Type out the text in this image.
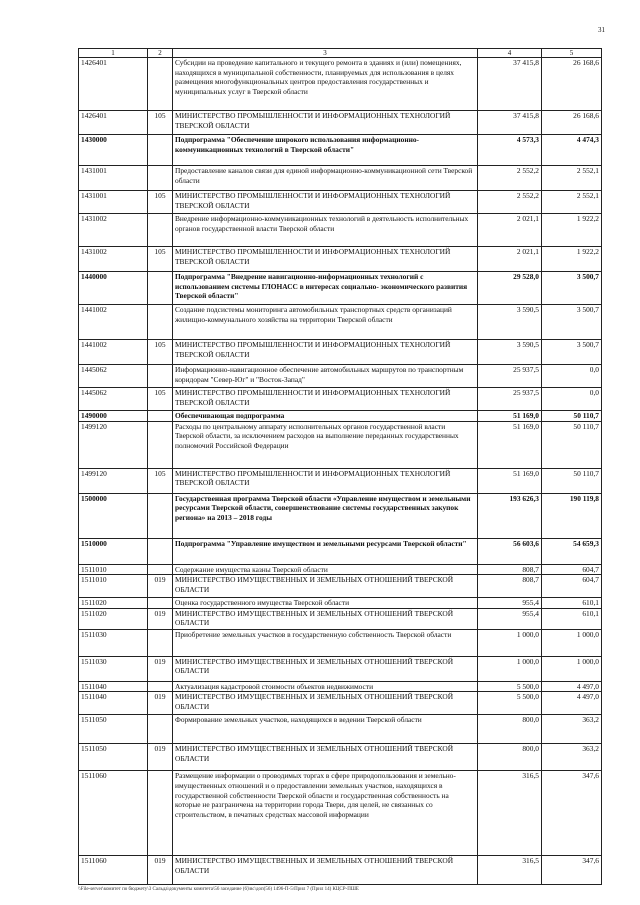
31
1	2	3	4	5
1426401		Субсидии на проведение капитального и текущего ремонта в зданиях и (или) помещениях, находящихся в муниципальной собственности, планируемых для использования в целях размещения многофункциональных центров предоставления государственных и муниципальных услуг в Тверской области	37 415,8	26 168,6
1426401	105	МИНИСТЕРСТВО ПРОМЫШЛЕННОСТИ И ИНФОРМАЦИОННЫХ ТЕХНОЛОГИЙ ТВЕРСКОЙ ОБЛАСТИ	37 415,8	26 168,6
1430000		Подпрограмма "Обеспечение широкого использования информационно-коммуникационных технологий в Тверской области"	4 573,3	4 474,3
1431001		Предоставление каналов связи для единой информационно-коммуникационной сети Тверской области	2 552,2	2 552,1
1431001	105	МИНИСТЕРСТВО ПРОМЫШЛЕННОСТИ И ИНФОРМАЦИОННЫХ ТЕХНОЛОГИЙ ТВЕРСКОЙ ОБЛАСТИ	2 552,2	2 552,1
1431002		Внедрение информационно-коммуникационных технологий в деятельность исполнительных органов государственной власти Тверской области	2 021,1	1 922,2
1431002	105	МИНИСТЕРСТВО ПРОМЫШЛЕННОСТИ И ИНФОРМАЦИОННЫХ ТЕХНОЛОГИЙ ТВЕРСКОЙ ОБЛАСТИ	2 021,1	1 922,2
1440000		Подпрограмма "Внедрение навигационно-информационных технологий с использованием системы ГЛОНАСС в интересах социально- экономического развития Тверской области"	29 528,0	3 500,7
1441002		Создание подсистемы мониторинга автомобильных транспортных средств организаций жилищно-коммунального хозяйства на территории Тверской области	3 590,5	3 500,7
1441002	105	МИНИСТЕРСТВО ПРОМЫШЛЕННОСТИ И ИНФОРМАЦИОННЫХ ТЕХНОЛОГИЙ ТВЕРСКОЙ ОБЛАСТИ	3 590,5	3 500,7
1445062		Информационно-навигационное обеспечение автомобильных маршрутов по транспортным коридорам "Север-Юг" и "Восток-Запад"	25 937,5	0,0
1445062	105	МИНИСТЕРСТВО ПРОМЫШЛЕННОСТИ И ИНФОРМАЦИОННЫХ ТЕХНОЛОГИЙ ТВЕРСКОЙ ОБЛАСТИ	25 937,5	0,0
1490000		Обеспечивающая подпрограмма	51 169,0	50 110,7
1499120		Расходы по центральному аппарату исполнительных органов государственной власти Тверской области, за исключением расходов на выполнение переданных государственных полномочий Российской Федерации	51 169,0	50 110,7
1499120	105	МИНИСТЕРСТВО ПРОМЫШЛЕННОСТИ И ИНФОРМАЦИОННЫХ ТЕХНОЛОГИЙ ТВЕРСКОЙ ОБЛАСТИ	51 169,0	50 110,7
1500000		Государственная программа Тверской области «Управление имуществом и земельными ресурсами Тверской области, совершенствование системы государственных закупок региона» на 2013 – 2018 годы	193 626,3	190 119,8
1510000		Подпрограмма "Управление имуществом и земельными ресурсами Тверской области"	56 603,6	54 659,3
1511010		Содержание имущества казны Тверской области	808,7	604,7
1511010	019	МИНИСТЕРСТВО ИМУЩЕСТВЕННЫХ И ЗЕМЕЛЬНЫХ ОТНОШЕНИЙ ТВЕРСКОЙ ОБЛАСТИ	808,7	604,7
1511020		Оценка государственного имущества Тверской области	955,4	610,1
1511020	019	МИНИСТЕРСТВО ИМУЩЕСТВЕННЫХ И ЗЕМЕЛЬНЫХ ОТНОШЕНИЙ ТВЕРСКОЙ ОБЛАСТИ	955,4	610,1
1511030		Приобретение земельных участков в государственную собственность Тверской области	1 000,0	1 000,0
1511030	019	МИНИСТЕРСТВО ИМУЩЕСТВЕННЫХ И ЗЕМЕЛЬНЫХ ОТНОШЕНИЙ ТВЕРСКОЙ ОБЛАСТИ	1 000,0	1 000,0
1511040		Актуализация кадастровой стоимости объектов недвижимости	5 500,0	4 497,0
1511040	019	МИНИСТЕРСТВО ИМУЩЕСТВЕННЫХ И ЗЕМЕЛЬНЫХ ОТНОШЕНИЙ ТВЕРСКОЙ ОБЛАСТИ	5 500,0	4 497,0
1511050		Формирование земельных участков, находящихся в ведении Тверской области	800,0	363,2
1511050	019	МИНИСТЕРСТВО ИМУЩЕСТВЕННЫХ И ЗЕМЕЛЬНЫХ ОТНОШЕНИЙ ТВЕРСКОЙ ОБЛАСТИ	800,0	363,2
1511060		Размещение информации о проводимых торгах в сфере природопользования и земельно-имущественных отношений и о предоставлении земельных участков, находящихся в государственной собственности Тверской области и государственная собственность на которые не разграничена на территории города Твери, для целей, не связанных со строительством, в печатных средствах массовой информации	316,5	347,6
1511060	019	МИНИСТЕРСТВО ИМУЩЕСТВЕННЫХ И ЗЕМЕЛЬНЫХ ОТНОШЕНИЙ ТВЕРСКОЙ ОБЛАСТИ	316,5	347,6
\\File-server\комитет по бюджету\3 Сальда\документы комитета\56 заседание (6)\вс\доп(56) 1496-П-5\Прил 7 (Прил 14) КЦСР-ПШЕ
